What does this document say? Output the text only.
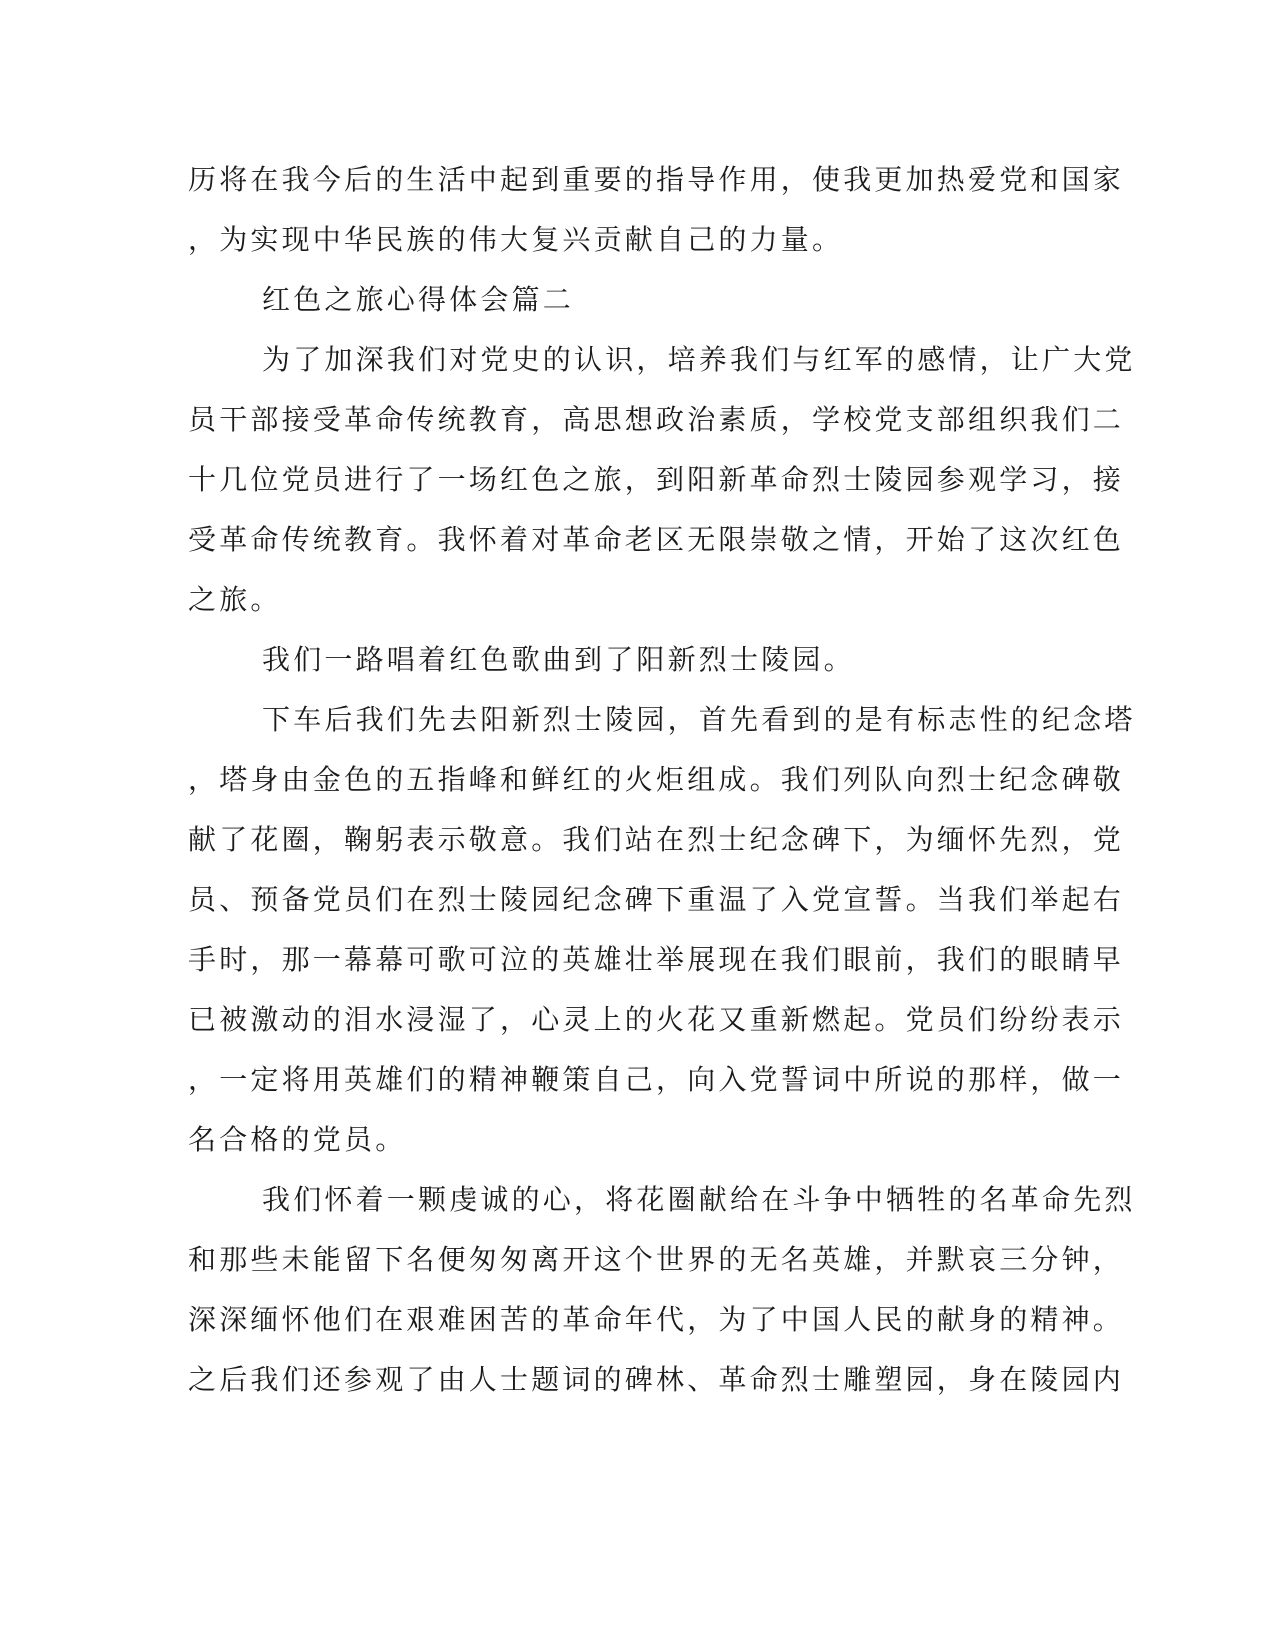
历将在我今后的生活中起到重要的指导作用，使我更加热爱党和国家
，为实现中华民族的伟大复兴贡献自己的力量。
红色之旅心得体会篇二
为了加深我们对党史的认识，培养我们与红军的感情，让广大党
员干部接受革命传统教育，高思想政治素质，学校党支部组织我们二
十几位党员进行了一场红色之旅，到阳新革命烈士陵园参观学习，接
受革命传统教育。我怀着对革命老区无限崇敬之情，开始了这次红色
之旅。
我们一路唱着红色歌曲到了阳新烈士陵园。
下车后我们先去阳新烈士陵园，首先看到的是有标志性的纪念塔
，塔身由金色的五指峰和鲜红的火炬组成。我们列队向烈士纪念碑敬
献了花圈，鞠躬表示敬意。我们站在烈士纪念碑下，为缅怀先烈，党
员、预备党员们在烈士陵园纪念碑下重温了入党宣誓。当我们举起右
手时，那一幕幕可歌可泣的英雄壮举展现在我们眼前，我们的眼睛早
已被激动的泪水浸湿了，心灵上的火花又重新燃起。党员们纷纷表示
，一定将用英雄们的精神鞭策自己，向入党誓词中所说的那样，做一
名合格的党员。
我们怀着一颗虔诚的心，将花圈献给在斗争中牺牲的名革命先烈
和那些未能留下名便匆匆离开这个世界的无名英雄，并默哀三分钟，
深深缅怀他们在艰难困苦的革命年代，为了中国人民的献身的精神。
之后我们还参观了由人士题词的碑林、革命烈士雕塑园，身在陵园内
